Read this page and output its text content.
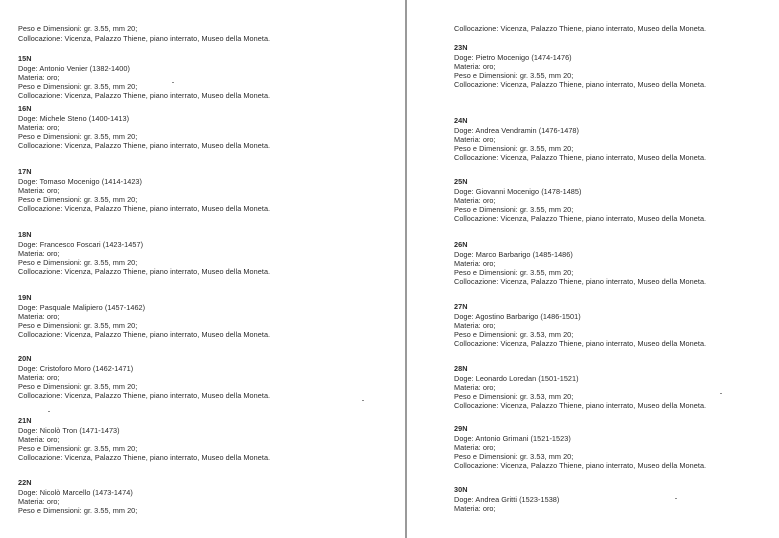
Peso e Dimensioni: gr. 3.55, mm 20;
Collocazione: Vicenza, Palazzo Thiene, piano interrato, Museo della Moneta.
15N
Doge: Antonio Venier (1382-1400)
Materia: oro;
Peso e Dimensioni: gr. 3.55, mm 20;
Collocazione: Vicenza, Palazzo Thiene, piano interrato, Museo della Moneta.
16N
Doge: Michele Steno (1400-1413)
Materia: oro;
Peso e Dimensioni: gr. 3.55, mm 20;
Collocazione: Vicenza, Palazzo Thiene, piano interrato, Museo della Moneta.
17N
Doge: Tomaso Mocenigo (1414-1423)
Materia: oro;
Peso e Dimensioni: gr. 3.55, mm 20;
Collocazione: Vicenza, Palazzo Thiene, piano interrato, Museo della Moneta.
18N
Doge: Francesco Foscari (1423-1457)
Materia: oro;
Peso e Dimensioni: gr. 3.55, mm 20;
Collocazione: Vicenza, Palazzo Thiene, piano interrato, Museo della Moneta.
19N
Doge: Pasquale Malipiero (1457-1462)
Materia: oro;
Peso e Dimensioni: gr. 3.55, mm 20;
Collocazione: Vicenza, Palazzo Thiene, piano interrato, Museo della Moneta.
20N
Doge: Cristoforo Moro (1462-1471)
Materia: oro;
Peso e Dimensioni: gr. 3.55, mm 20;
Collocazione: Vicenza, Palazzo Thiene, piano interrato, Museo della Moneta.
21N
Doge: Nicolò Tron (1471-1473)
Materia: oro;
Peso e Dimensioni: gr. 3.55, mm 20;
Collocazione: Vicenza, Palazzo Thiene, piano interrato, Museo della Moneta.
22N
Doge: Nicolò Marcello (1473-1474)
Materia: oro;
Peso e Dimensioni: gr. 3.55, mm 20;
Collocazione: Vicenza, Palazzo Thiene, piano interrato, Museo della Moneta.
23N
Doge: Pietro Mocenigo (1474-1476)
Materia: oro;
Peso e Dimensioni: gr. 3.55, mm 20;
Collocazione: Vicenza, Palazzo Thiene, piano interrato, Museo della Moneta.
24N
Doge: Andrea Vendramin (1476-1478)
Materia: oro;
Peso e Dimensioni: gr. 3.55, mm 20;
Collocazione: Vicenza, Palazzo Thiene, piano interrato, Museo della Moneta.
25N
Doge: Giovanni Mocenigo (1478-1485)
Materia: oro;
Peso e Dimensioni: gr. 3.55, mm 20;
Collocazione: Vicenza, Palazzo Thiene, piano interrato, Museo della Moneta.
26N
Doge: Marco Barbarigo (1485-1486)
Materia: oro;
Peso e Dimensioni: gr. 3.55, mm 20;
Collocazione: Vicenza, Palazzo Thiene, piano interrato, Museo della Moneta.
27N
Doge: Agostino Barbarigo (1486-1501)
Materia: oro;
Peso e Dimensioni: gr. 3.53, mm 20;
Collocazione: Vicenza, Palazzo Thiene, piano interrato, Museo della Moneta.
28N
Doge: Leonardo Loredan (1501-1521)
Materia: oro;
Peso e Dimensioni: gr. 3.53, mm 20;
Collocazione: Vicenza, Palazzo Thiene, piano interrato, Museo della Moneta.
29N
Doge: Antonio Grimani (1521-1523)
Materia: oro;
Peso e Dimensioni: gr. 3.53, mm 20;
Collocazione: Vicenza, Palazzo Thiene, piano interrato, Museo della Moneta.
30N
Doge: Andrea Gritti (1523-1538)
Materia: oro;
